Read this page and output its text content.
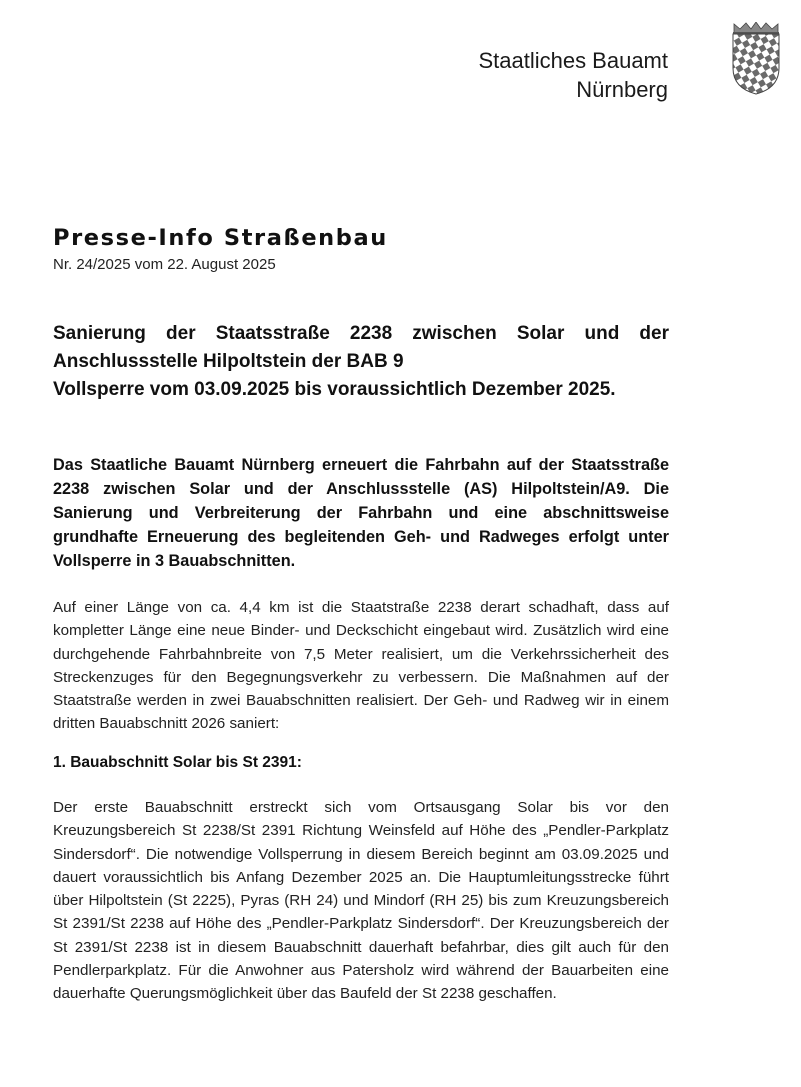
Staatliches Bauamt
Nürnberg
Presse-Info Straßenbau
Nr. 24/2025 vom 22. August 2025
Sanierung der Staatsstraße 2238 zwischen Solar und der Anschlussstelle Hilpoltstein der BAB 9
Vollsperre vom 03.09.2025 bis voraussichtlich Dezember 2025.

Das Staatliche Bauamt Nürnberg erneuert die Fahrbahn auf der Staatsstraße 2238 zwischen Solar und der Anschlussstelle (AS) Hilpoltstein/A9. Die Sanierung und Verbreiterung der Fahrbahn und eine abschnittsweise grundhafte Erneuerung des begleitenden Geh- und Radweges erfolgt unter Vollsperre in 3 Bauabschnitten.

Auf einer Länge von ca. 4,4 km ist die Staatstraße 2238 derart schadhaft, dass auf kompletter Länge eine neue Binder- und Deckschicht eingebaut wird. Zusätzlich wird eine durchgehende Fahrbahnbreite von 7,5 Meter realisiert, um die Verkehrssicherheit des Streckenzuges für den Begegnungsverkehr zu verbessern. Die Maßnahmen auf der Staatstraße werden in zwei Bauabschnitten realisiert. Der Geh- und Radweg wir in einem dritten Bauabschnitt 2026 saniert:

1. Bauabschnitt Solar bis St 2391:

Der erste Bauabschnitt erstreckt sich vom Ortsausgang Solar bis vor den Kreuzungsbereich St 2238/St 2391 Richtung Weinsfeld auf Höhe des „Pendler-Parkplatz Sindersdorf“. Die notwendige Vollsperrung in diesem Bereich beginnt am 03.09.2025 und dauert voraussichtlich bis Anfang Dezember 2025 an. Die Hauptumleitungsstrecke führt über Hilpoltstein (St 2225), Pyras (RH 24) und Mindorf (RH 25) bis zum Kreuzungsbereich St 2391/St 2238 auf Höhe des „Pendler-Parkplatz Sindersdorf“. Der Kreuzungsbereich der St 2391/St 2238 ist in diesem Bauabschnitt dauerhaft befahrbar, dies gilt auch für den Pendlerparkplatz. Für die Anwohner aus Patersholz wird während der Bauarbeiten eine dauerhafte Querungsmöglichkeit über das Baufeld der St 2238 geschaffen.
